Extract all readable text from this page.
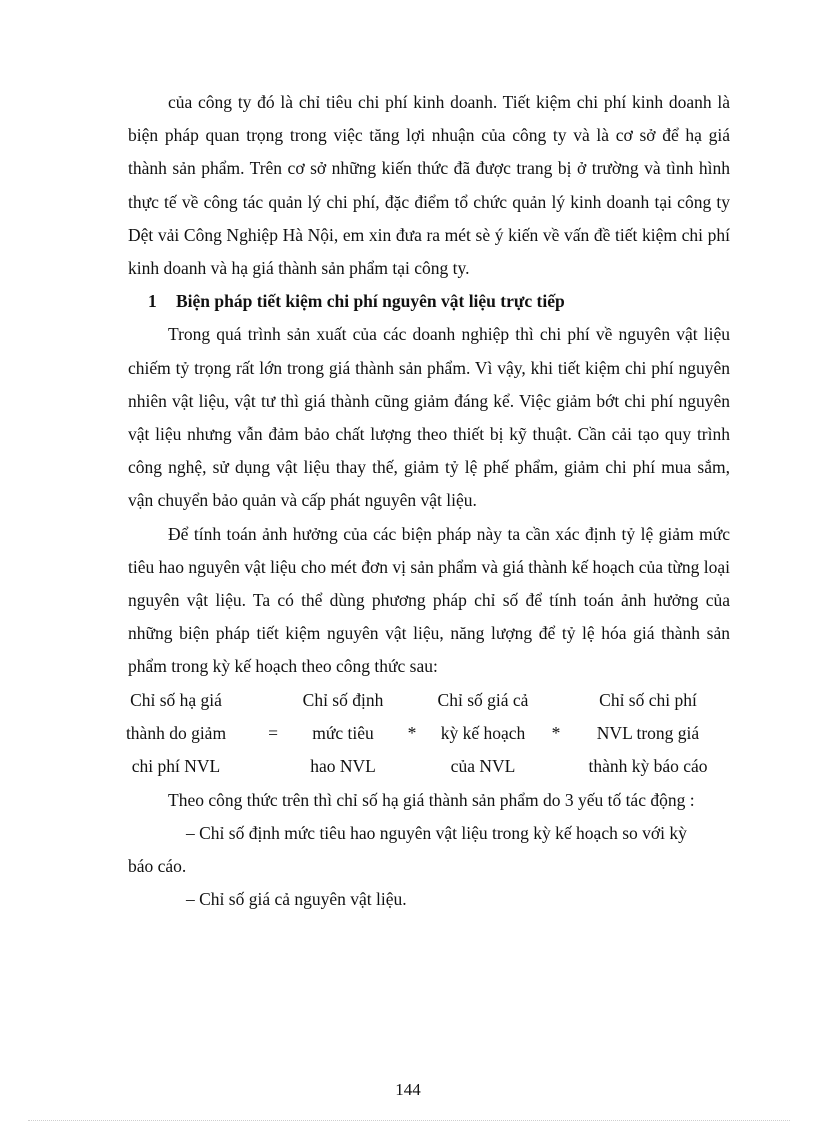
của công ty đó là chỉ tiêu chi phí kinh doanh. Tiết kiệm chi phí kinh doanh là biện pháp quan trọng trong việc tăng lợi nhuận của công ty và là cơ sở để hạ giá thành sản phẩm. Trên cơ sở những kiến thức đã được trang bị ở trường và tình hình thực tế về công tác quản lý chi phí, đặc điểm tổ chức quản lý kinh doanh tại công ty Dệt vải Công Nghiệp Hà Nội, em xin đưa ra mét sè ý kiến về vấn đề tiết kiệm chi phí kinh doanh và hạ giá thành sản phẩm tại công ty.

1 Biện pháp tiết kiệm chi phí nguyên vật liệu trực tiếp

Trong quá trình sản xuất của các doanh nghiệp thì chi phí về nguyên vật liệu chiếm tỷ trọng rất lớn trong giá thành sản phẩm. Vì vậy, khi tiết kiệm chi phí nguyên nhiên vật liệu, vật tư thì giá thành cũng giảm đáng kể. Việc giảm bớt chi phí nguyên vật liệu nhưng vẫn đảm bảo chất lượng theo thiết bị kỹ thuật. Cần cải tạo quy trình công nghệ, sử dụng vật liệu thay thế, giảm tỷ lệ phế phẩm, giảm chi phí mua sắm, vận chuyển bảo quản và cấp phát nguyên vật liệu.

Để tính toán ảnh hưởng của các biện pháp này ta cần xác định tỷ lệ giảm mức tiêu hao nguyên vật liệu cho mét đơn vị sản phẩm và giá thành kế hoạch của từng loại nguyên vật liệu. Ta có thể dùng phương pháp chỉ số để tính toán ảnh hưởng của những biện pháp tiết kiệm nguyên vật liệu, năng lượng để tỷ lệ hóa giá thành sản phẩm trong kỳ kế hoạch theo công thức sau:

Chỉ số hạ giá
thành do giảm
chi phí NVL
=
Chỉ số định
mức tiêu
hao NVL
*
Chỉ số giá cả
kỳ kế hoạch
của NVL
*
Chỉ số chi phí
NVL trong giá
thành kỳ báo cáo

Theo công thức trên thì chỉ số hạ giá thành sản phẩm do 3 yếu tố tác động :

– Chỉ số định mức tiêu hao nguyên vật liệu trong kỳ kế hoạch so với kỳ

báo cáo.

– Chỉ số giá cả nguyên vật liệu.

144
